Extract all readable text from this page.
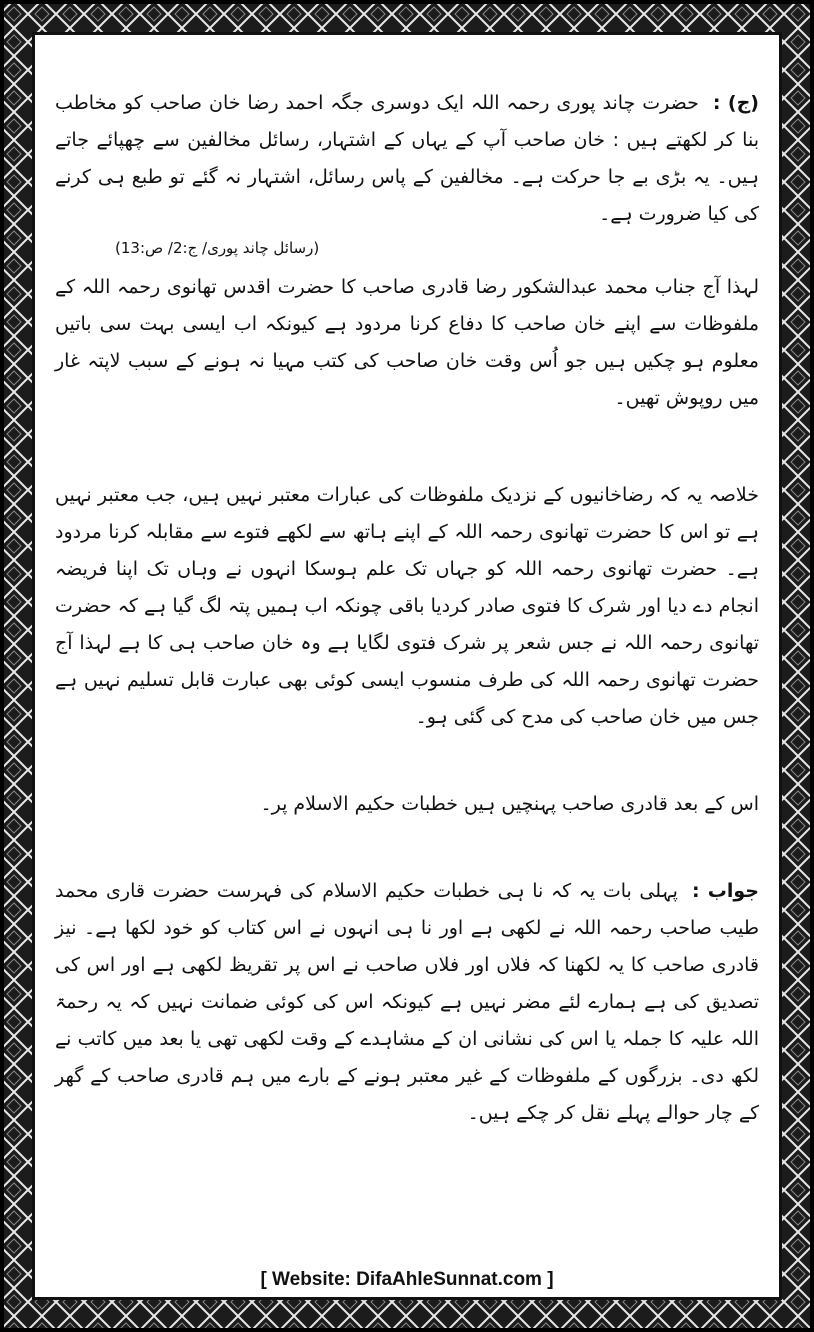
(ج) :حضرت چاند پوری رحمہ اللہ ایک دوسری جگہ احمد رضا خان صاحب کو مخاطب بنا کر لکھتے ہیں : خان صاحب آپ کے یہاں کے اشتہار، رسائل مخالفین سے چھپائے جاتے ہیں۔ یہ بڑی بے جا حرکت ہے۔ مخالفین کے پاس رسائل، اشتہار نہ گئے تو طبع ہی کرنے کی کیا ضرورت ہے۔

(رسائل چاند پوری/ ج:2/ ص:13)

لہذا آج جناب محمد عبدالشکور رضا قادری صاحب کا حضرت اقدس تھانوی رحمہ اللہ کے ملفوظات سے اپنے خان صاحب کا دفاع کرنا مردود ہے کیونکہ اب ایسی بہت سی باتیں معلوم ہو چکیں ہیں جو اُس وقت خان صاحب کی کتب مہیا نہ ہونے کے سبب لاپتہ غار میں روپوش تھیں۔

خلاصہ یہ کہ رضاخانیوں کے نزدیک ملفوظات کی عبارات معتبر نہیں ہیں، جب معتبر نہیں ہے تو اس کا حضرت تھانوی رحمہ اللہ کے اپنے ہاتھ سے لکھے فتوے سے مقابلہ کرنا مردود ہے۔ حضرت تھانوی رحمہ اللہ کو جہاں تک علم ہوسکا انہوں نے وہاں تک اپنا فریضہ انجام دے دیا اور شرک کا فتوی صادر کردیا باقی چونکہ اب ہمیں پتہ لگ گیا ہے کہ حضرت تھانوی رحمہ اللہ نے جس شعر پر شرک فتوی لگایا ہے وہ خان صاحب ہی کا ہے لہذا آج حضرت تھانوی رحمہ اللہ کی طرف منسوب ایسی کوئی بھی عبارت قابل تسلیم نہیں ہے جس میں خان صاحب کی مدح کی گئی ہو۔

اس کے بعد قادری صاحب پہنچیں ہیں خطبات حکیم الاسلام پر۔

جواب :پہلی بات یہ کہ نا ہی خطبات حکیم الاسلام کی فہرست حضرت قاری محمد طیب صاحب رحمہ اللہ نے لکھی ہے اور نا ہی انہوں نے اس کتاب کو خود لکھا ہے۔ نیز قادری صاحب کا یہ لکھنا کہ فلاں اور فلاں صاحب نے اس پر تقریظ لکھی ہے اور اس کی تصدیق کی ہے ہمارے لئے مضر نہیں ہے کیونکہ اس کی کوئی ضمانت نہیں کہ یہ رحمۃ اللہ علیہ کا جملہ یا اس کی نشانی ان کے مشاہدے کے وقت لکھی تھی یا بعد میں کاتب نے لکھ دی۔ بزرگوں کے ملفوظات کے غیر معتبر ہونے کے بارے میں ہم قادری صاحب کے گھر کے چار حوالے پہلے نقل کر چکے ہیں۔

[ Website: DifaAhleSunnat.com ]
